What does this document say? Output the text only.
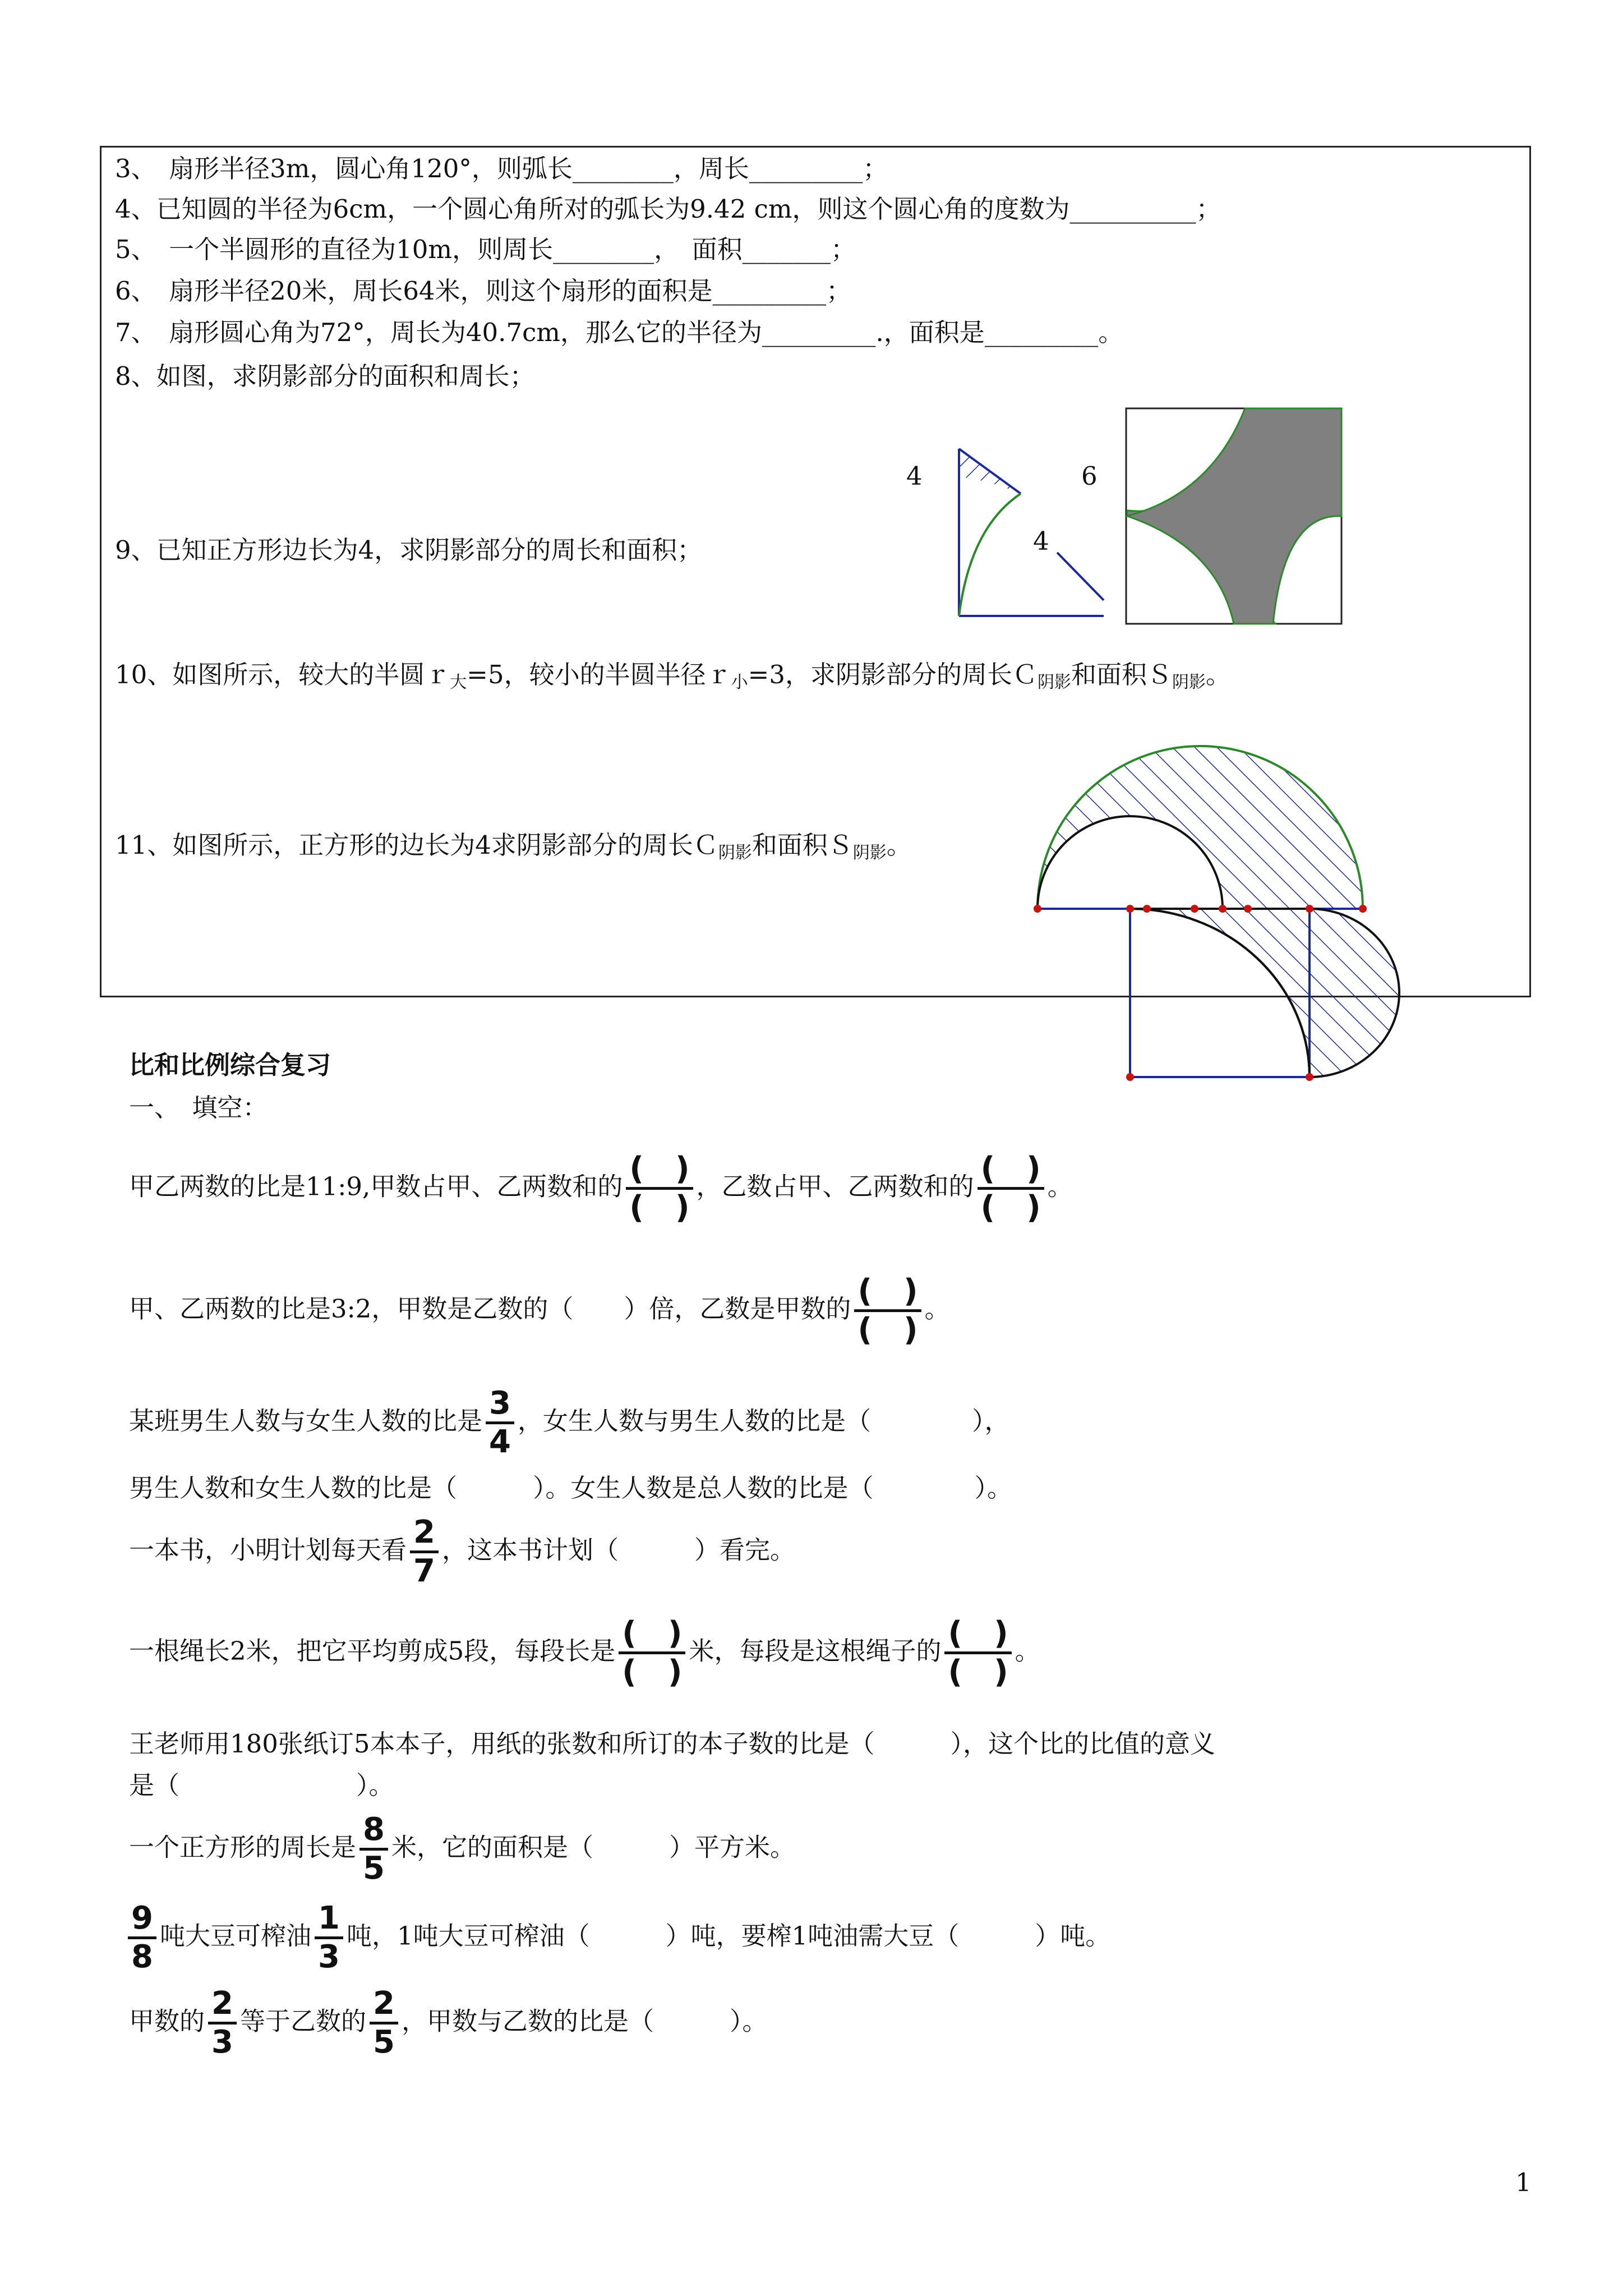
3、　扇形半径3m，圆心角120°，则弧长________，周长_________；
4、已知圆的半径为6cm，一个圆心角所对的弧长为9.42 cm，则这个圆心角的度数为__________；
5、　一个半圆形的直径为10m，则周长________，　面积_______；
6、　扇形半径20米，周长64米，则这个扇形的面积是_________；
7、　扇形圆心角为72°，周长为40.7cm，那么它的半径为_________.，面积是_________。
8、如图，求阴影部分的面积和周长；
9、已知正方形边长为4，求阴影部分的周长和面积；
10、如图所示，较大的半圆ｒ$_大$=5，较小的半圆半径ｒ$_小$=3，求阴影部分的周长Ｃ$_{阴影}$和面积Ｓ$_{阴影}$。
11、如图所示，正方形的边长为4求阴影部分的周长Ｃ$_{阴影}$和面积Ｓ$_{阴影}$。
4
4
6
比和比例综合复习
一、　填空：
甲乙两数的比是11:9,甲数占甲、乙两数和的 $\frac{( )}{( )}$ ，乙数占甲、乙两数和的 $\frac{( )}{( )}$ 。
甲、乙两数的比是3:2，甲数是乙数的（　　）倍，乙数是甲数的 $\frac{( )}{( )}$ 。
某班男生人数与女生人数的比是 $\frac{3}{4}$ ，女生人数与男生人数的比是（　　　　），
男生人数和女生人数的比是（　　　）。女生人数是总人数的比是（　　　　）。
一本书，小明计划每天看 $\frac{2}{7}$ ，这本书计划（　　　）看完。
一根绳长2米，把它平均剪成5段，每段长是 $\frac{( )}{( )}$ 米，每段是这根绳子的 $\frac{( )}{( )}$ 。
王老师用180张纸订5本本子，用纸的张数和所订的本子数的比是（　　　），这个比的比值的意义
是（　　　　　　　）。
一个正方形的周长是 $\frac{8}{5}$ 米，它的面积是（　　　）平方米。
$\frac{9}{8}$ 吨大豆可榨油 $\frac{1}{3}$ 吨，1吨大豆可榨油（　　　）吨，要榨1吨油需大豆（　　　）吨。
甲数的 $\frac{2}{3}$ 等于乙数的 $\frac{2}{5}$ ，甲数与乙数的比是（　　　）。
1
